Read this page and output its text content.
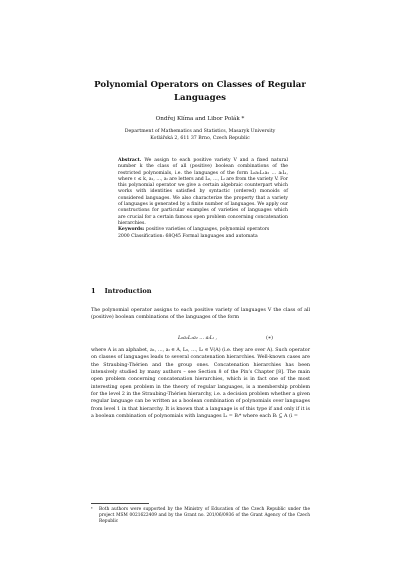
Polynomial Operators on Classes of Regular
Languages
Ondřej Klíma and Libor Polák *
Department of Mathematics and Statistics, Masaryk University
Kotlářská 2, 611 37 Brno, Czech Republic

Abstract. We assign to each positive variety V and a fixed natural number k the class of all (positive) boolean combinations of the restricted polynomials, i.e. the languages of the form L₀a₁L₁a₂ … aₗLₗ, where ℓ ≤ k, a₁, …, aₗ are letters and L₀, …, Lₗ are from the variety V. For this polynomial operator we give a certain algebraic counterpart which works with identities satisfied by syntactic (ordered) monoids of considered languages. We also characterize the property that a variety of languages is generated by a finite number of languages. We apply our constructions for particular examples of varieties of languages which are crucial for a certain famous open problem concerning concatenation hierarchies.

Keywords: positive varieties of languages, polynomial operators

2000 Classification: 68Q45 Formal languages and automata

1 Introduction

The polynomial operator assigns to each positive variety of languages V the class of all (positive) boolean combinations of the languages of the form

L₀a₁L₁a₂ … aₗLₗ ,	(∗)

where A is an alphabet, a₁, …, aₗ ∈ A, L₀, …, Lₗ ∈ V(A) (i.e. they are over A). Such operator on classes of languages leads to several concatenation hierarchies. Well-known cases are the Straubing-Thérien and the group ones. Concatenation hierarchies has been intensively studied by many authors – see Section 8 of the Pin’s Chapter [8]. The main open problem concerning concatenation hierarchies, which is in fact one of the most interesting open problem in the theory of regular languages, is a membership problem for the level 2 in the Straubing-Thérien hierarchy, i.e. a decision problem whether a given regular language can be written as a boolean combination of polynomials over languages from level 1 in that hierarchy. It is known that a language is of this type if and only if it is a boolean combination of polynomials with languages Lᵢ = Bᵢ* where each Bᵢ ⊆ A (i =

*	Both authors were supported by the Ministry of Education of the Czech Republic under the project MSM 0021622409 and by the Grant no. 201/06/0936 of the Grant Agency of the Czech Republic
